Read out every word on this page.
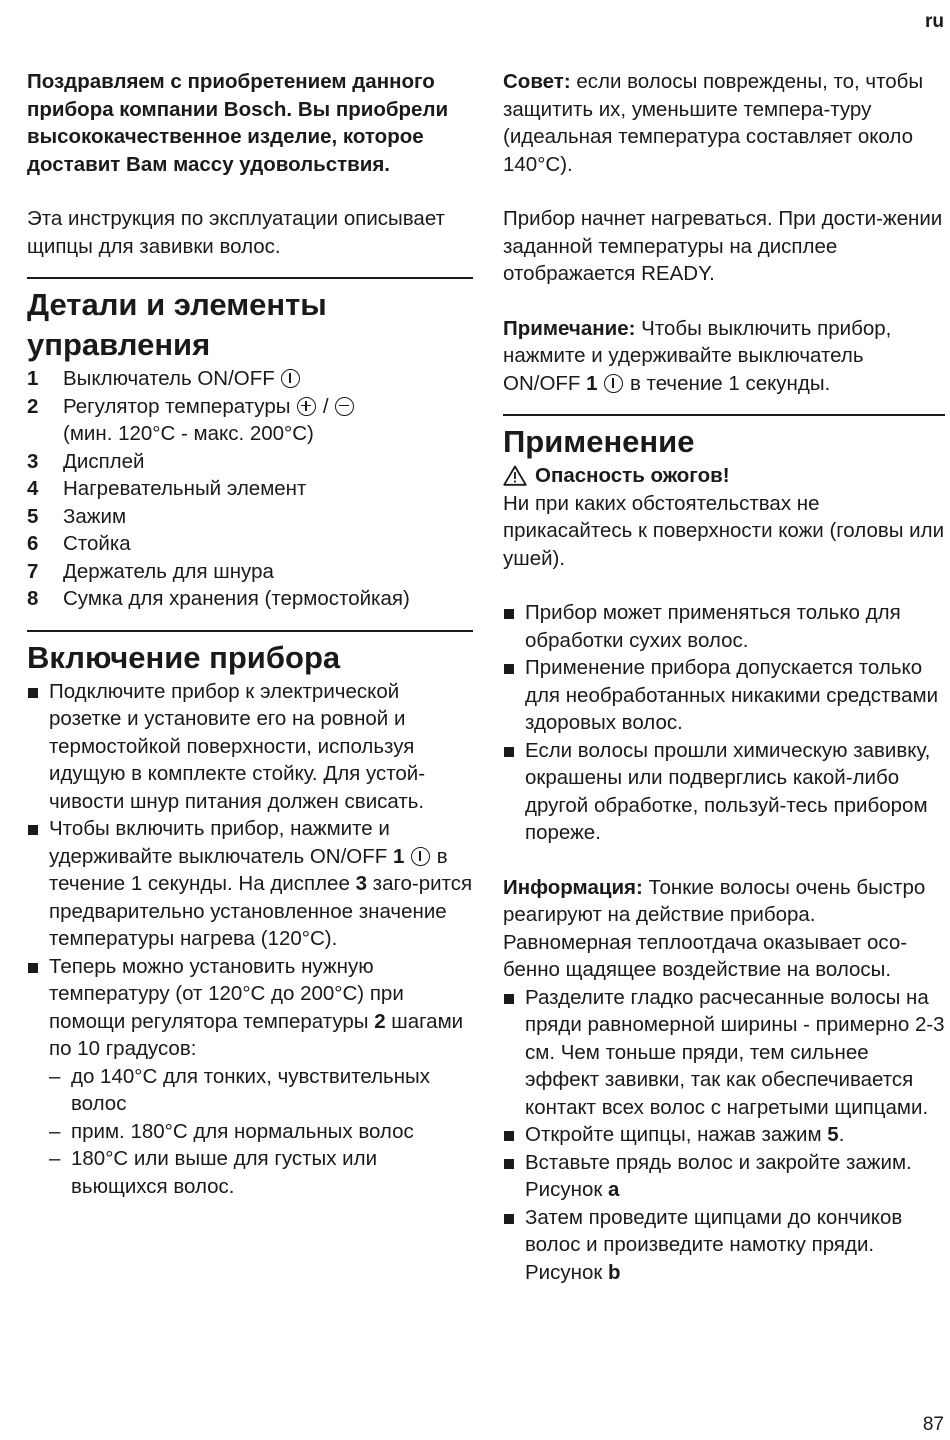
ru

Поздравляем с приобретением данного прибора компании Bosch. Вы приобрели высококачественное изделие, которое доставит Вам массу удовольствия.

Эта инструкция по эксплуатации описывает щипцы для завивки волос.

Детали и элементы управления
1	Выключатель ON/OFF
2	Регулятор температуры  /
(мин. 120°C - макс. 200°C)
3	Дисплей
4	Нагревательный элемент
5	Зажим
6	Стойка
7	Держатель для шнура
8	Сумка для хранения (термостойкая)
Включение прибора
Подключите прибор к электрической розетке и установите его на ровной и термостойкой поверхности, используя идущую в комплекте стойку. Для устой-чивости шнур питания должен свисать.
Чтобы включить прибор, нажмите и удерживайте выключатель ON/OFF 1  в течение 1 секунды. На дисплее 3 заго-рится предварительно установленное значение температуры нагрева (120°C).
Теперь можно установить нужную температуру (от 120°C до 200°C) при помощи регулятора температуры 2 шагами по 10 градусов:
– до 140°C для тонких, чувствительных волос
– прим. 180°C для нормальных волос
– 180°C или выше для густых или вьющихся волос.

Совет: если волосы повреждены, то, чтобы защитить их, уменьшите темпера-туру (идеальная температура составляет около 140°C).

Прибор начнет нагреваться. При дости-жении заданной температуры на дисплее отображается READY.

Примечание: Чтобы выключить прибор, нажмите и удерживайте выключатель ON/OFF 1  в течение 1 секунды.

Применение
Опасность ожогов!

Ни при каких обстоятельствах не прикасайтесь к поверхности кожи (головы или ушей).

Прибор может применяться только для обработки сухих волос.
Применение прибора допускается только для необработанных никакими средствами здоровых волос.
Если волосы прошли химическую завивку, окрашены или подверглись какой-либо другой обработке, пользуй-тесь прибором пореже.

Информация: Тонкие волосы очень быстро реагируют на действие прибора. Равномерная теплоотдача оказывает осо-бенно щадящее воздействие на волосы.

Разделите гладко расчесанные волосы на пряди равномерной ширины - примерно 2-3 см. Чем тоньше пряди, тем сильнее эффект завивки, так как обеспечивается контакт всех волос с нагретыми щипцами.
Откройте щипцы, нажав зажим 5.
Вставьте прядь волос и закройте зажим. Рисунок a
Затем проведите щипцами до кончиков волос и произведите намотку пряди. Рисунок b
87
